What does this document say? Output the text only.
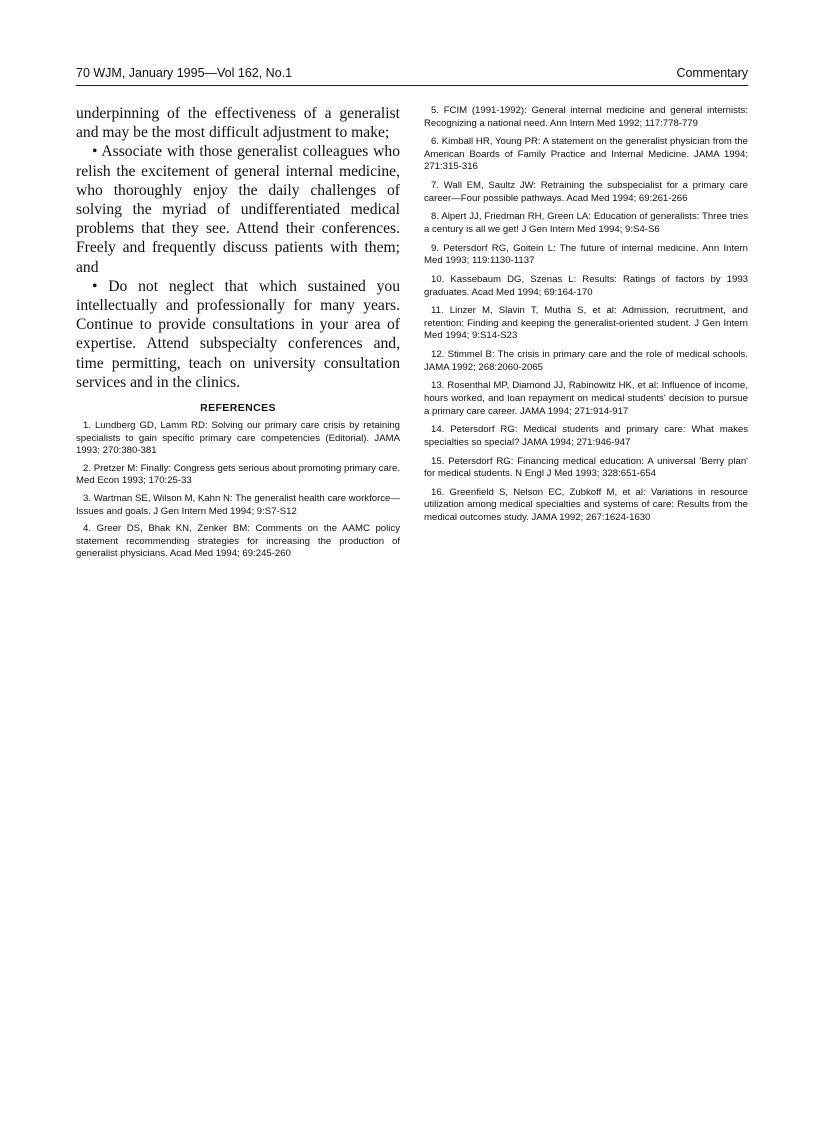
70 WJM, January 1995—Vol 162, No.1	Commentary

underpinning of the effectiveness of a generalist and may be the most difficult adjustment to make;

• Associate with those generalist colleagues who relish the excitement of general internal medicine, who thoroughly enjoy the daily challenges of solving the myriad of undifferentiated medical problems that they see. Attend their conferences. Freely and frequently discuss patients with them; and

• Do not neglect that which sustained you intellectually and professionally for many years. Continue to provide consultations in your area of expertise. Attend subspecialty conferences and, time permitting, teach on university consultation services and in the clinics.

REFERENCES

1. Lundberg GD, Lamm RD: Solving our primary care crisis by retaining specialists to gain specific primary care competencies (Editorial). JAMA 1993; 270:380-381

2. Pretzer M: Finally: Congress gets serious about promoting primary care. Med Econ 1993; 170:25-33

3. Wartman SE, Wilson M, Kahn N: The generalist health care workforce—Issues and goals. J Gen Intern Med 1994; 9:S7-S12

4. Greer DS, Bhak KN, Zenker BM: Comments on the AAMC policy statement recommending strategies for increasing the production of generalist physicians. Acad Med 1994; 69:245-260

5. FCIM (1991-1992): General internal medicine and general internists: Recognizing a national need. Ann Intern Med 1992; 117:778-779

6. Kimball HR, Young PR: A statement on the generalist physician from the American Boards of Family Practice and Internal Medicine. JAMA 1994; 271:315-316

7. Wall EM, Saultz JW: Retraining the subspecialist for a primary care career—Four possible pathways. Acad Med 1994; 69:261-266

8. Alpert JJ, Friedman RH, Green LA: Education of generalists: Three tries a century is all we get! J Gen Intern Med 1994; 9:S4-S6

9. Petersdorf RG, Goitein L: The future of internal medicine. Ann Intern Med 1993; 119:1130-1137

10. Kassebaum DG, Szenas L: Results: Ratings of factors by 1993 graduates. Acad Med 1994; 69:164-170

11. Linzer M, Slavin T, Mutha S, et al: Admission, recruitment, and retention: Finding and keeping the generalist-oriented student. J Gen Intern Med 1994; 9:S14-S23

12. Stimmel B: The crisis in primary care and the role of medical schools. JAMA 1992; 268:2060-2065

13. Rosenthal MP, Diamond JJ, Rabinowitz HK, et al: Influence of income, hours worked, and loan repayment on medical students' decision to pursue a primary care career. JAMA 1994; 271:914-917

14. Petersdorf RG: Medical students and primary care: What makes specialties so special? JAMA 1994; 271:946-947

15. Petersdorf RG: Financing medical education: A universal 'Berry plan' for medical students. N Engl J Med 1993; 328:651-654

16. Greenfield S, Nelson EC, Zubkoff M, et al: Variations in resource utilization among medical specialties and systems of care: Results from the medical outcomes study. JAMA 1992; 267:1624-1630
